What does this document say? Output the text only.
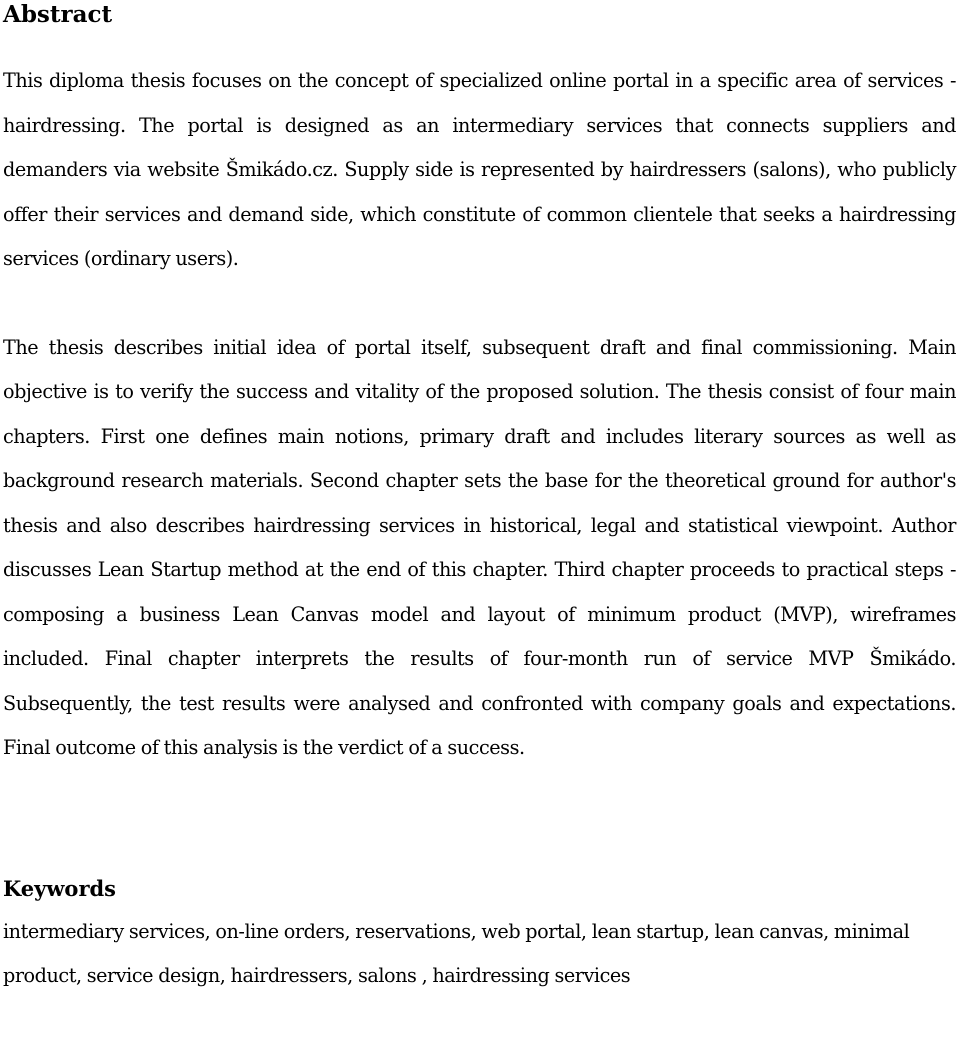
Abstract

This diploma thesis focuses on the concept of specialized online portal in a specific area of services - hairdressing. The portal is designed as an intermediary services that connects suppliers and demanders via website Šmikádo.cz. Supply side is represented by hairdressers (salons), who publicly offer their services and demand side, which constitute of common clientele that seeks a hairdressing services (ordinary users).

The thesis describes initial idea of portal itself, subsequent draft and final commissioning. Main objective is to verify the success and vitality of the proposed solution. The thesis consist of four main chapters. First one defines main notions, primary draft and includes literary sources as well as background research materials. Second chapter sets the base for the theoretical ground for author's thesis and also describes hairdressing services in historical, legal and statistical viewpoint. Author discusses Lean Startup method at the end of this chapter. Third chapter proceeds to practical steps - composing a business Lean Canvas model and layout of minimum product (MVP), wireframes included. Final chapter interprets the results of four-month run of service MVP Šmikádo. Subsequently, the test results were analysed and confronted with company goals and expectations. Final outcome of this analysis is the verdict of a success.

Keywords

intermediary services, on-line orders, reservations, web portal, lean startup, lean canvas, minimal product, service design, hairdressers, salons , hairdressing services
